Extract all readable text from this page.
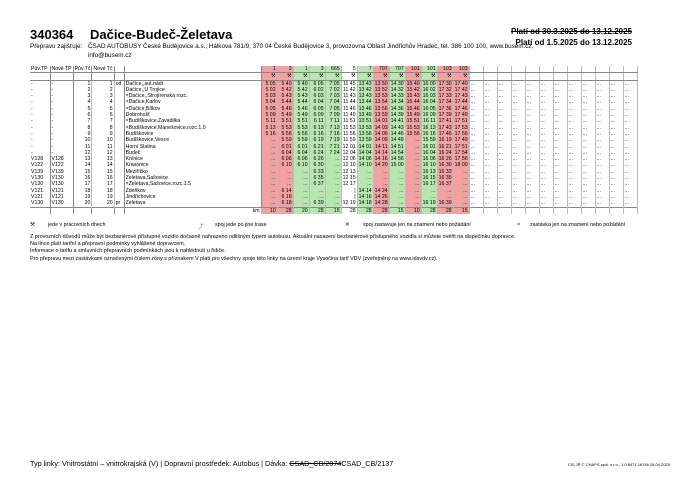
340364 Dačice-Budeč-Želetava	Platí od 30.3.2025 do 13.12.2025
Platí od 1.5.2025 do 13.12.2025
Přepravu zajišťuje: ČSAD AUTOBUSY České Budějovice a.s., Hálkova 781/9, 370 04 České Budějovice 3, provozovna Oblast Jindřichův Hradec, tel. 386 100 100, www.busem.cz,
info@busem.cz
Pův.TP	Nové TP	Pův.Tč	Nové Tč			1	3	1	3	665	5	7	707	707	101	101	103	103												
						⚒	⚒	⚒	⚒	⚒	⚒	⚒	⚒	⚒	⚒	⚒	⚒	⚒												
-	-	1	1	od	Dačice,,aut.nádr.	5 05	5 40	5 40	6 05	7 05	11 45	13 43	13 50	14 30	15 40	16 00	17 30	17 40	...	...	...	...	...	...	...	...	...	...	...	...
-	-	2	2		Dačice,,U Trojice	5 02	5 42	5 42	6 02	7 02	11 42	13 42	13 52	14 32	15 42	16 02	17 32	17 42	...	...	...	...	...	...	...	...	...	...	...	...
-	-	3	3		×Dačice,,Strojírenská rozc.	5 03	5 43	5 43	6 03	7 03	11 43	13 43	13 53	14 33	15 43	16 03	17 33	17 43	...	...	...	...	...	...	...	...	...	...	...	...
-	-	4	4		×Dačice,Karlov	5 04	5 44	5 44	6 04	7 04	11 44	13 44	13 54	14 34	15 44	16 04	17 34	17 44	...	...	...	...	...	...	...	...	...	...	...	...
-	-	5	5		×Dačice,Bílkov	5 05	5 46	5 46	6 05	7 05	11 46	13 46	13 56	14 36	15 46	16 05	17 36	17 46	...	...	...	...	...	...	...	...	...	...	...	...
-	-	6	6		Dobrohošť	5 09	5 49	5 49	6 09	7 09	11 49	13 49	13 59	14 39	15 49	16 09	17 39	17 49	...	...	...	...	...	...	...	...	...	...	...	...
-	-	7	7		×Budíškovice,Zavadilka	5 11	5 51	5 51	6 11	7 11	11 51	13 51	14 01	14 41	15 51	16 11	17 41	17 51	...	...	...	...	...	...	...	...	...	...	...	...
-	-	8	8		×Budíškovice,Manešovice,rozc.1.0	5 13	5 53	5 53	6 13	7 13	11 53	13 53	14 03	14 43	15 53	16 13	17 43	17 53	...	...	...	...	...	...	...	...	...	...	...	...
-	-	9	9		Budíškovice	5 16	5 56	5 56	6 16	7 16	11 56	13 56	14 06	14 46	15 56	16 16	17 46	17 56	...	...	...	...	...	...	...	...	...	...	...	...
-	-	10	10		Budíškovice,Vesce	...	5 59	5 59	6 19	7 19	11 59	13 59	14 09	14 49	...	15 59	16 19	17 49	...	...	...	...	...	...	...	...	...	...	...	...
-	-	11	11		Horní Slatina	...	6 01	6 01	6 21	7 21	12 01	14 01	14 11	14 51	...	16 01	16 21	17 51	...	...	...	...	...	...	...	...	...	...	...	...
-	-	12	12		Budeč	...	6 04	6 04	6 24	7 24	12 04	14 04	14 14	14 54	...	16 04	16 24	17 54	...	...	...	...	...	...	...	...	...	...	...	...
V128	V128	13	13		Knínice	...	6 06	6 06	6 26	...	12 06	14 06	14 16	14 56	...	16 06	16 26	17 56	...	...	...	...	...	...	...	...	...	...	...	...
V122	V122	14	14		Krasonice	...	6 10	6 10	6 30	...	12 10	14 10	14 20	15 00	...	16 10	16 30	18 00	...	...	...	...	...	...	...	...	...	...	...	...
V139	V139	15	15		Meziříčko	...	...	...	6 33	...	12 13	...	...	...	...	16 13	16 33	...	...	...	...	...	...	...	...	...	...	...	...	...
V130	V130	16	16		Želetava,Šašovice	...	...	...	6 35	...	12 15	...	...	...	...	16 15	16 35	...	...	...	...	...	...	...	...	...	...	...	...	...
V130	V130	17	17		×Želetava,Šašovice,rozc.1.5	...	...	...	6 37	...	12 17	...	...	...	...	16 17	16 37	...	...	...	...	...	...	...	...	...	...	...	...	...
V121	V121	18	18		Zdeňkov	...	6 14	...	...	...	|	14 14	14 24	...	...	...	...	...	...	...	...	...	...	...	...	...	...	...	...	...
V121	V121	19	19		Jindřichovice	...	6 16	...	...	...	|	14 16	14 26	...	...	...	...	...	...	...	...	...	...	...	...	...	...	...	...	...
V130	V130	20	20	pr	Želetava	...	6 18	...	6 39	...	12 19	14 18	14 28	...	...	16 19	16 39	...	...	...	...	...	...	...	...	...	...	...	...	...
					km	10	28	20	28	15	28	28	28	15	10	28	28	15												
⚒	jede v pracovních dnech	⤴ spoj jede po jiné trase	✕	spoj zastavuje jen na znamení nebo požádání	× zastávka jen na znamení nebo požádání
Z provozních důvodů může být bezbariérové přístupné vozidlo dočasně nahrazeno odlišným typem autobusu. Aktuální nasazení bezbariérové přístupného vozidla si můžete ověřit na dispečinku dopravce.
Na lince platí tarifní a přepravní podmínky vyhlášené dopravcem.
Informace o tarifu a smluvních přepravních podmínkách jsou k nahlédnutí u řidiče.
Pro přepravu mezi zastávkami označenými číslem zóny s příznakem V platí pro všechny spoje této linky na území kraje Vysočina tarif VDV (zveřejněný na www.idsvdv.cz).
Typ linky: Vnitrostátní – vnitrokrajská (V) | Dopravní prostředek: Autobus | Dávka: CSAD_CB/2074CSAD_CB/2137	CIS JŘ © CHAPS spol. s r.o., 1.0.8971.16746 28.04.2025
